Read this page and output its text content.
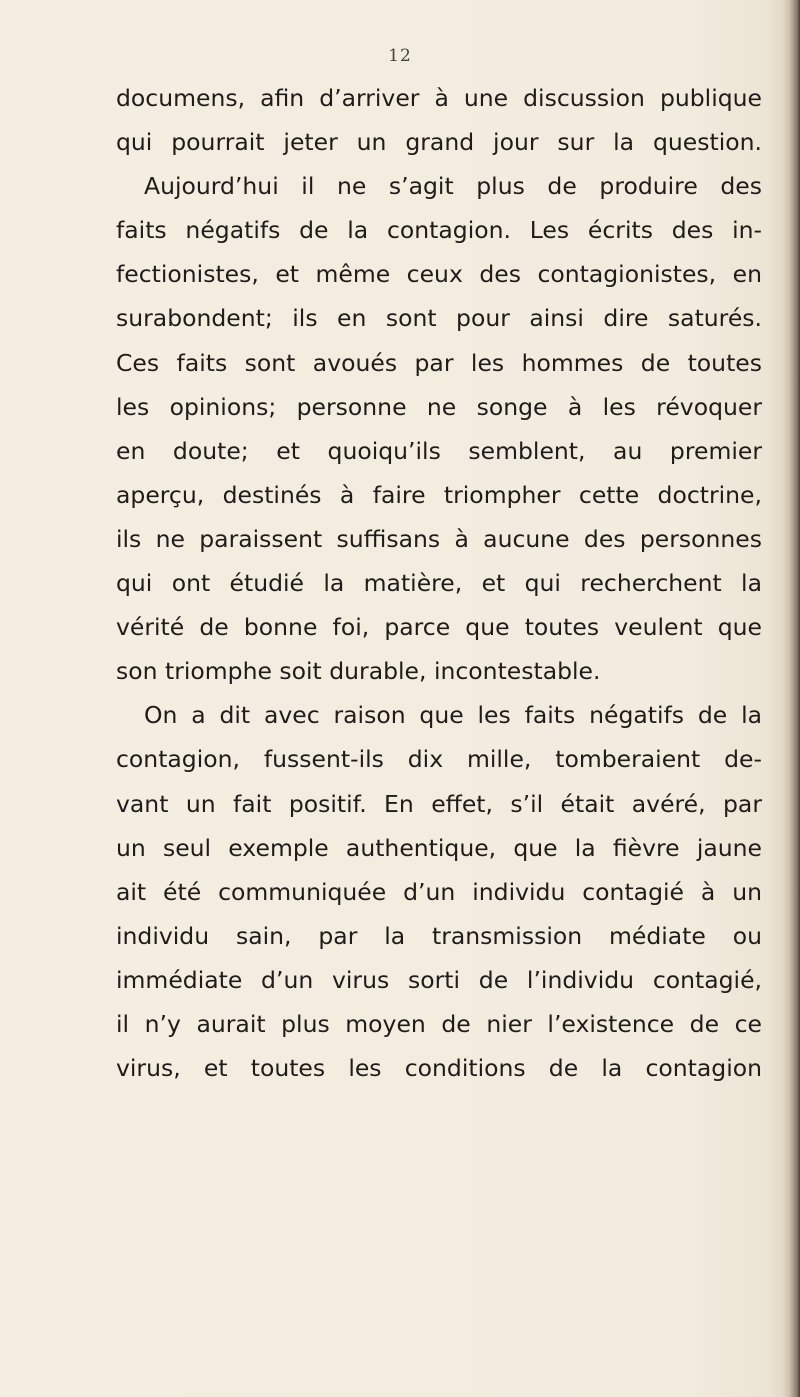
12
documens, afin d’arriver à une discussion publique
qui pourrait jeter un grand jour sur la question.
Aujourd’hui il ne s’agit plus de produire des
faits négatifs de la contagion. Les écrits des in-
fectionistes, et même ceux des contagionistes, en
surabondent; ils en sont pour ainsi dire saturés.
Ces faits sont avoués par les hommes de toutes
les opinions; personne ne songe à les révoquer
en doute; et quoiqu’ils semblent, au premier
aperçu, destinés à faire triompher cette doctrine,
ils ne paraissent suffisans à aucune des personnes
qui ont étudié la matière, et qui recherchent la
vérité de bonne foi, parce que toutes veulent que
son triomphe soit durable, incontestable.
On a dit avec raison que les faits négatifs de la
contagion, fussent-ils dix mille, tomberaient de-
vant un fait positif. En effet, s’il était avéré, par
un seul exemple authentique, que la fièvre jaune
ait été communiquée d’un individu contagié à un
individu sain, par la transmission médiate ou
immédiate d’un virus sorti de l’individu contagié,
il n’y aurait plus moyen de nier l’existence de ce
virus, et toutes les conditions de la contagion
